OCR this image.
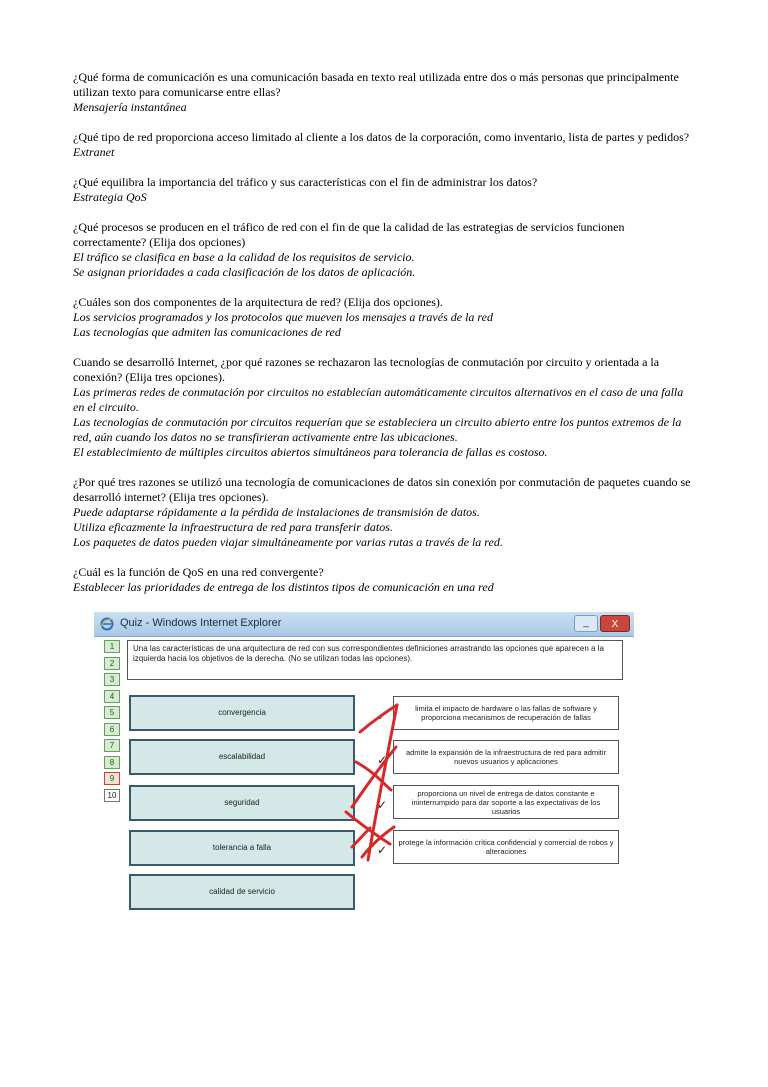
¿Qué forma de comunicación es una comunicación basada en texto real utilizada entre dos o más personas que principalmente utilizan texto para comunicarse entre ellas?
Mensajería instantánea
¿Qué tipo de red proporciona acceso limitado al cliente a los datos de la corporación, como inventario, lista de partes y pedidos?
Extranet
¿Qué equilibra la importancia del tráfico y sus características con el fin de administrar los datos?
Estrategia QoS
¿Qué procesos se producen en el tráfico de red con el fin de que la calidad de las estrategias de servicios funcionen correctamente? (Elija dos opciones)
El tráfico se clasifica en base a la calidad de los requisitos de servicio.
Se asignan prioridades a cada clasificación de los datos de aplicación.
¿Cuáles son dos componentes de la arquitectura de red? (Elija dos opciones).
Los servicios programados y los protocolos que mueven los mensajes a través de la red
Las tecnologías que admiten las comunicaciones de red
Cuando se desarrolló Internet, ¿por qué razones se rechazaron las tecnologías de conmutación por circuito y orientada a la conexión? (Elija tres opciones).
Las primeras redes de conmutación por circuitos no establecían automáticamente circuitos alternativos en el caso de una falla en el circuito.
Las tecnologías de conmutación por circuitos requerían que se estableciera un circuito abierto entre los puntos extremos de la red, aún cuando los datos no se transfirieran activamente entre las ubicaciones.
El establecimiento de múltiples circuitos abiertos simultáneos para tolerancia de fallas es costoso.
¿Por qué tres razones se utilizó una tecnología de comunicaciones de datos sin conexión por conmutación de paquetes cuando se desarrolló internet? (Elija tres opciones).
Puede adaptarse rápidamente a la pérdida de instalaciones de transmisión de datos.
Utiliza eficazmente la infraestructura de red para transferir datos.
Los paquetes de datos pueden viajar simultáneamente por varias rutas a través de la red.
¿Cuál es la función de QoS en una red convergente?
Establecer las prioridades de entrega de los distintos tipos de comunicación en una red
Quiz - Windows Internet Explorer	_	X
1
2
3
4
5
6
7
8
9
10
Una las características de una arquitectura de red con sus correspondientes definiciones arrastrando las opciones que aparecen a la izquierda hacia los objetivos de la derecha. (No se utilizan todas las opciones).
convergencia
escalabilidad
seguridad
tolerancia a falla
calidad de servicio
limita el impacto de hardware o las fallas de software y proporciona mecanismos de recuperación de fallas
admite la expansión de la infraestructura de red para admitir nuevos usuarios y aplicaciones
proporciona un nivel de entrega de datos constante e ininterrumpido para dar soporte a las expectativas de los usuarios
protege la información crítica confidencial y comercial de robos y alteraciones
✓
✓
✓
✓
